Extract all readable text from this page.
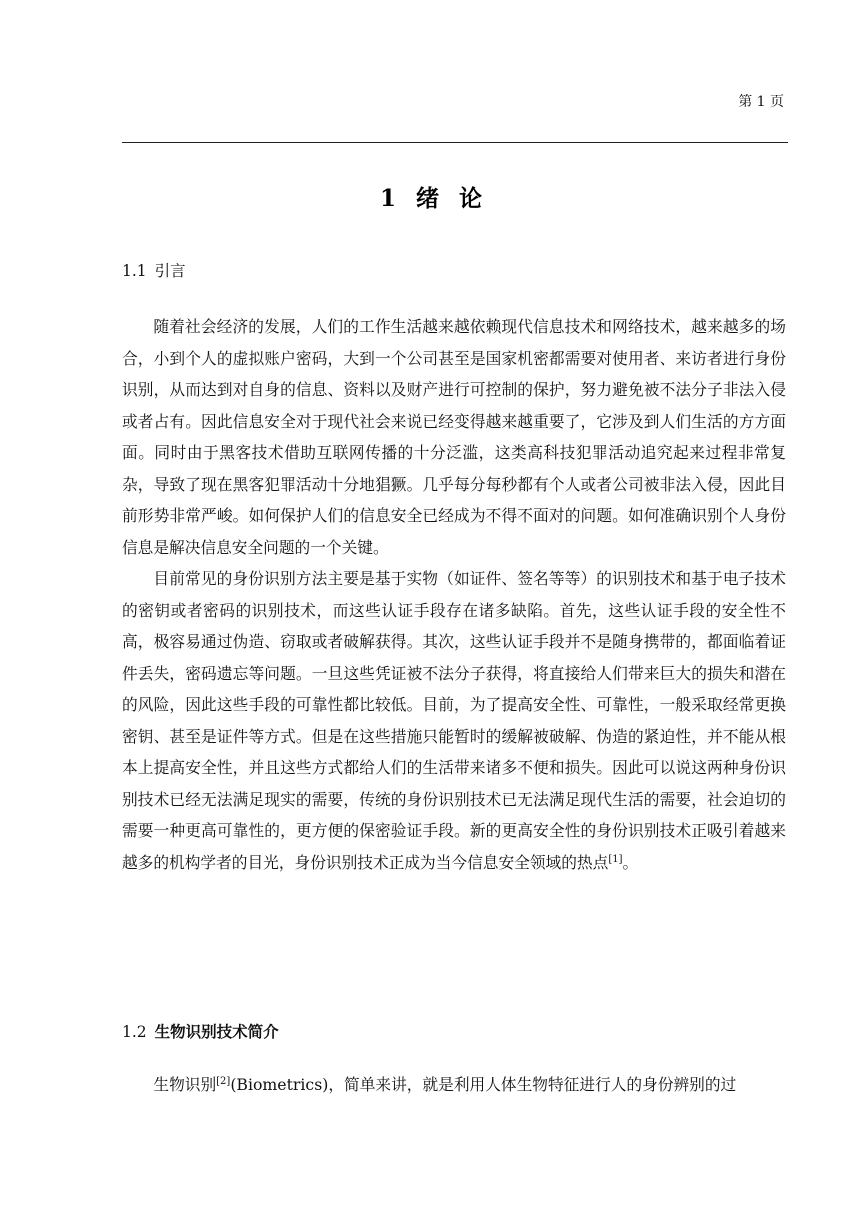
第 1 页
1 绪 论
1.1 引言

随着社会经济的发展，人们的工作生活越来越依赖现代信息技术和网络技术，越来越多的场合，小到个人的虚拟账户密码，大到一个公司甚至是国家机密都需要对使用者、来访者进行身份识别，从而达到对自身的信息、资料以及财产进行可控制的保护，努力避免被不法分子非法入侵或者占有。因此信息安全对于现代社会来说已经变得越来越重要了，它涉及到人们生活的方方面面。同时由于黑客技术借助互联网传播的十分泛滥，这类高科技犯罪活动追究起来过程非常复杂，导致了现在黑客犯罪活动十分地猖獗。几乎每分每秒都有个人或者公司被非法入侵，因此目前形势非常严峻。如何保护人们的信息安全已经成为不得不面对的问题。如何准确识别个人身份信息是解决信息安全问题的一个关键。

目前常见的身份识别方法主要是基于实物（如证件、签名等等）的识别技术和基于电子技术的密钥或者密码的识别技术，而这些认证手段存在诸多缺陷。首先，这些认证手段的安全性不高，极容易通过伪造、窃取或者破解获得。其次，这些认证手段并不是随身携带的，都面临着证件丢失，密码遗忘等问题。一旦这些凭证被不法分子获得，将直接给人们带来巨大的损失和潜在的风险，因此这些手段的可靠性都比较低。目前，为了提高安全性、可靠性，一般采取经常更换密钥、甚至是证件等方式。但是在这些措施只能暂时的缓解被破解、伪造的紧迫性，并不能从根本上提高安全性，并且这些方式都给人们的生活带来诸多不便和损失。因此可以说这两种身份识别技术已经无法满足现实的需要，传统的身份识别技术已无法满足现代生活的需要，社会迫切的需要一种更高可靠性的，更方便的保密验证手段。新的更高安全性的身份识别技术正吸引着越来越多的机构学者的目光，身份识别技术正成为当今信息安全领域的热点[1]。

1.2 生物识别技术简介

生物识别[2](Biometrics)，简单来讲，就是利用人体生物特征进行人的身份辨别的过
